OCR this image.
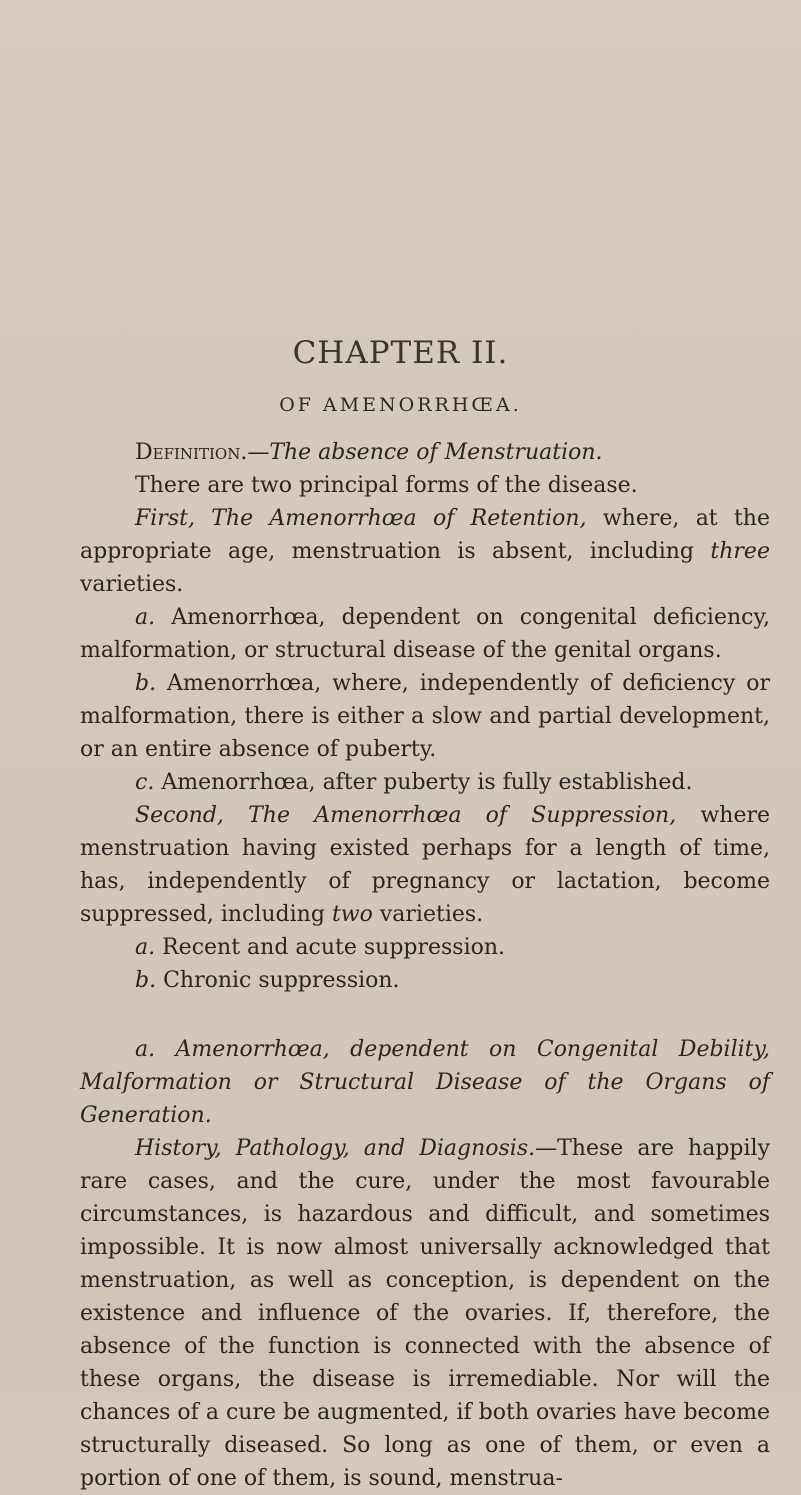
CHAPTER II.
OF AMENORRHŒA.

Definition.—The absence of Menstruation.

There are two principal forms of the disease.

First, The Amenorrhœa of Retention, where, at the appropriate age, menstruation is absent, including three varieties.

a. Amenorrhœa, dependent on congenital deficiency, malformation, or structural disease of the genital organs.

b. Amenorrhœa, where, independently of deficiency or malformation, there is either a slow and partial development, or an entire absence of puberty.

c. Amenorrhœa, after puberty is fully established.

Second, The Amenorrhœa of Suppression, where menstruation having existed perhaps for a length of time, has, independently of pregnancy or lactation, become suppressed, including two varieties.

a. Recent and acute suppression.

b. Chronic suppression.

a. Amenorrhœa, dependent on Congenital Debility, Malformation or Structural Disease of the Organs of Generation.

History, Pathology, and Diagnosis.—These are happily rare cases, and the cure, under the most favourable circumstances, is hazardous and difficult, and sometimes impossible. It is now almost universally acknowledged that menstruation, as well as conception, is dependent on the existence and influence of the ovaries. If, therefore, the absence of the function is connected with the absence of these organs, the disease is irremediable. Nor will the chances of a cure be augmented, if both ovaries have become structurally diseased. So long as one of them, or even a portion of one of them, is sound, menstrua-
